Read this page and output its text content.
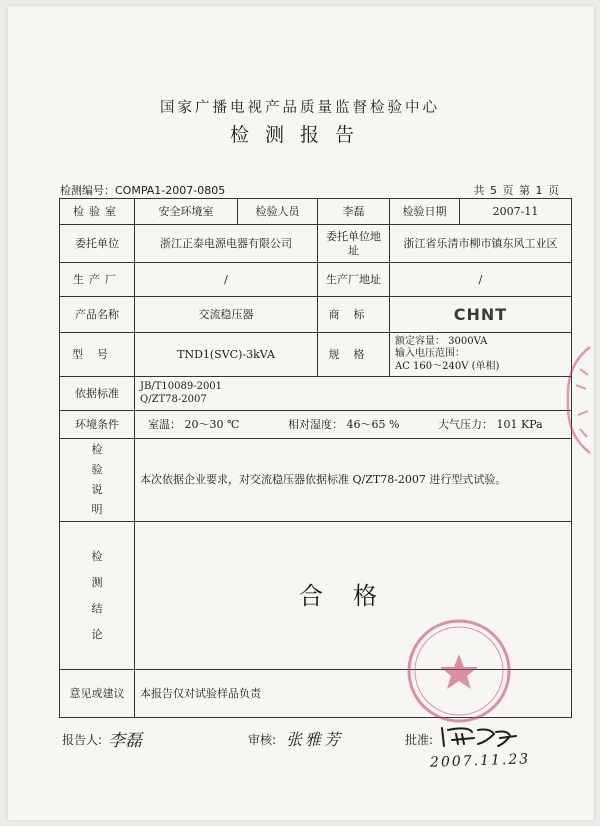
国家广播电视产品质量监督检验中心
检测报告
检测编号：COMPA1-2007-0805	共 5 页 第 1 页
检验室	安全环境室	检验人员	李磊	检验日期	2007-11
委托单位	浙江正泰电源电器有限公司		委托单位地址	浙江省乐清市柳市镇东风工业区	
生产厂	/		生产厂地址	/	
产品名称	交流稳压器		商标	CHNT	
型号	TND1(SVC)-3kVA		规格	额定容量： 3000VA
输入电压范围：
AC 160～240V (单相)	

依据标准	JB/T10089-2001
Q/ZT78-2007				

环境条件	室温： 20～30 ℃ 相对湿度： 46～65 % 大气压力： 101 KPa				

检
验
说
明	本次依据企业要求，对交流稳压器依据标准 Q/ZT78-2007 进行型式试验。				

检
测
结
论	合格				
意见或建议	本报告仅对试验样品负责				
报告人: 李磊	审核: 张雅芳	批准:
2007.11.23
